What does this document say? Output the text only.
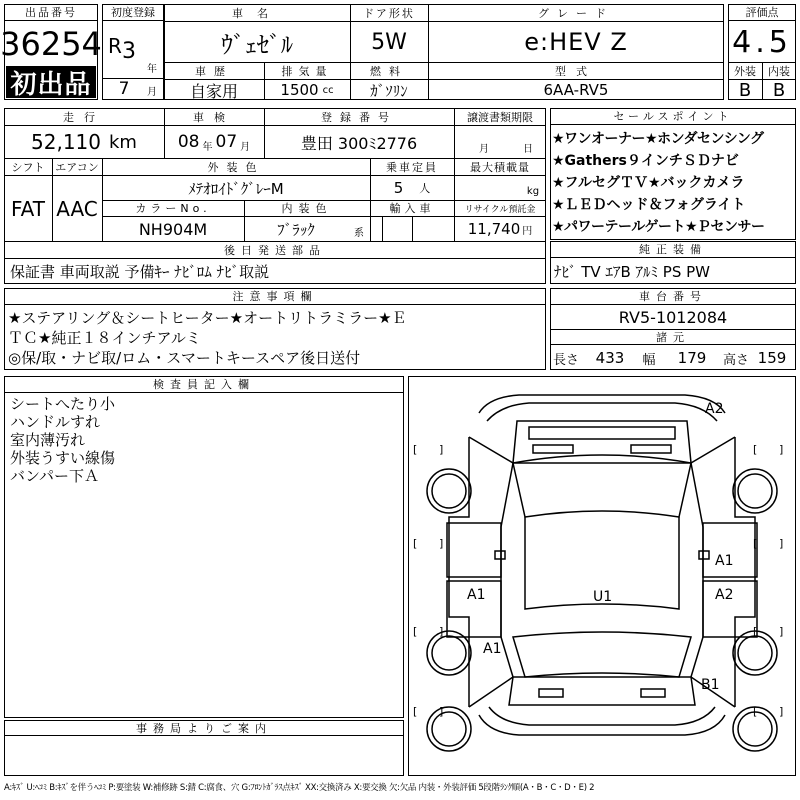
出品番号
36254
初出品
初度登録
R 3
年
7	月
車名
ｳﾞｪｾﾞﾙ
ドア形状
5W
グレード
e:HEV Z
車歴
自家用
排気量
1500 cc
燃料
ｶﾞｿﾘﾝ
型式
6AA-RV5
評価点
4.5
外装	内装
B	B
走行
52,110 km
車検
08 年 07 月
登録番号
豊田 300ﾐ2776
譲渡書類期限
月	日
シフト
FAT
エアコン
AAC
外装色
ﾒﾃｵﾛｲﾄﾞｸﾞﾚｰM
乗車定員
5 人
最大積載量
kg
カラーNo.
NH904M
内装色
ﾌﾞﾗｯｸ	系
輸入車	リサイクル預託金
11,740 円
後日発送部品
保証書 車両取説 予備ｷｰ ﾅﾋﾞﾛﾑ ﾅﾋﾞ取説
セールスポイント
★ワンオーナー★ホンダセンシング
★Gathers９インチＳＤナビ
★フルセグＴＶ★バックカメラ
★ＬＥＤヘッド＆フォグライト
★パワーテールゲート★Ｐセンサー
純正装備
ﾅﾋﾞ TV ｴｱB ｱﾙﾐ PS PW
注意事項欄
★ステアリング＆シートヒーター★オートリトラミラー★Ｅ
ＴＣ★純正１８インチアルミ
◎保/取・ナビ取/ロム・スマートキースペア後日送付
車台番号
RV5-1012084
諸元
長さ	433	幅	179	高さ 159
検査員記入欄
シートへたり小
ハンドルすれ
室内薄汚れ
外装うすい線傷
バンパー下Ａ
事務局よりご案内
[ ]	[ ]
[ ]	[ ]
[ ]	[ ]
[ ]	[ ]
A2
A1
A1	U1	A2
A1
B1
A:ｷｽﾞ U:ﾍｺﾐ B:ｷｽﾞを伴うﾍｺﾐ P:要塗装 W:補修跡 S:錆 C:腐食、穴 G:ﾌﾛﾝﾄｶﾞﾗｽ点ｷｽﾞ XX:交換済み X:要交換 欠:欠品 内装・外装評価 5段階ﾗﾝｸ順(A・B・C・D・E) 2
